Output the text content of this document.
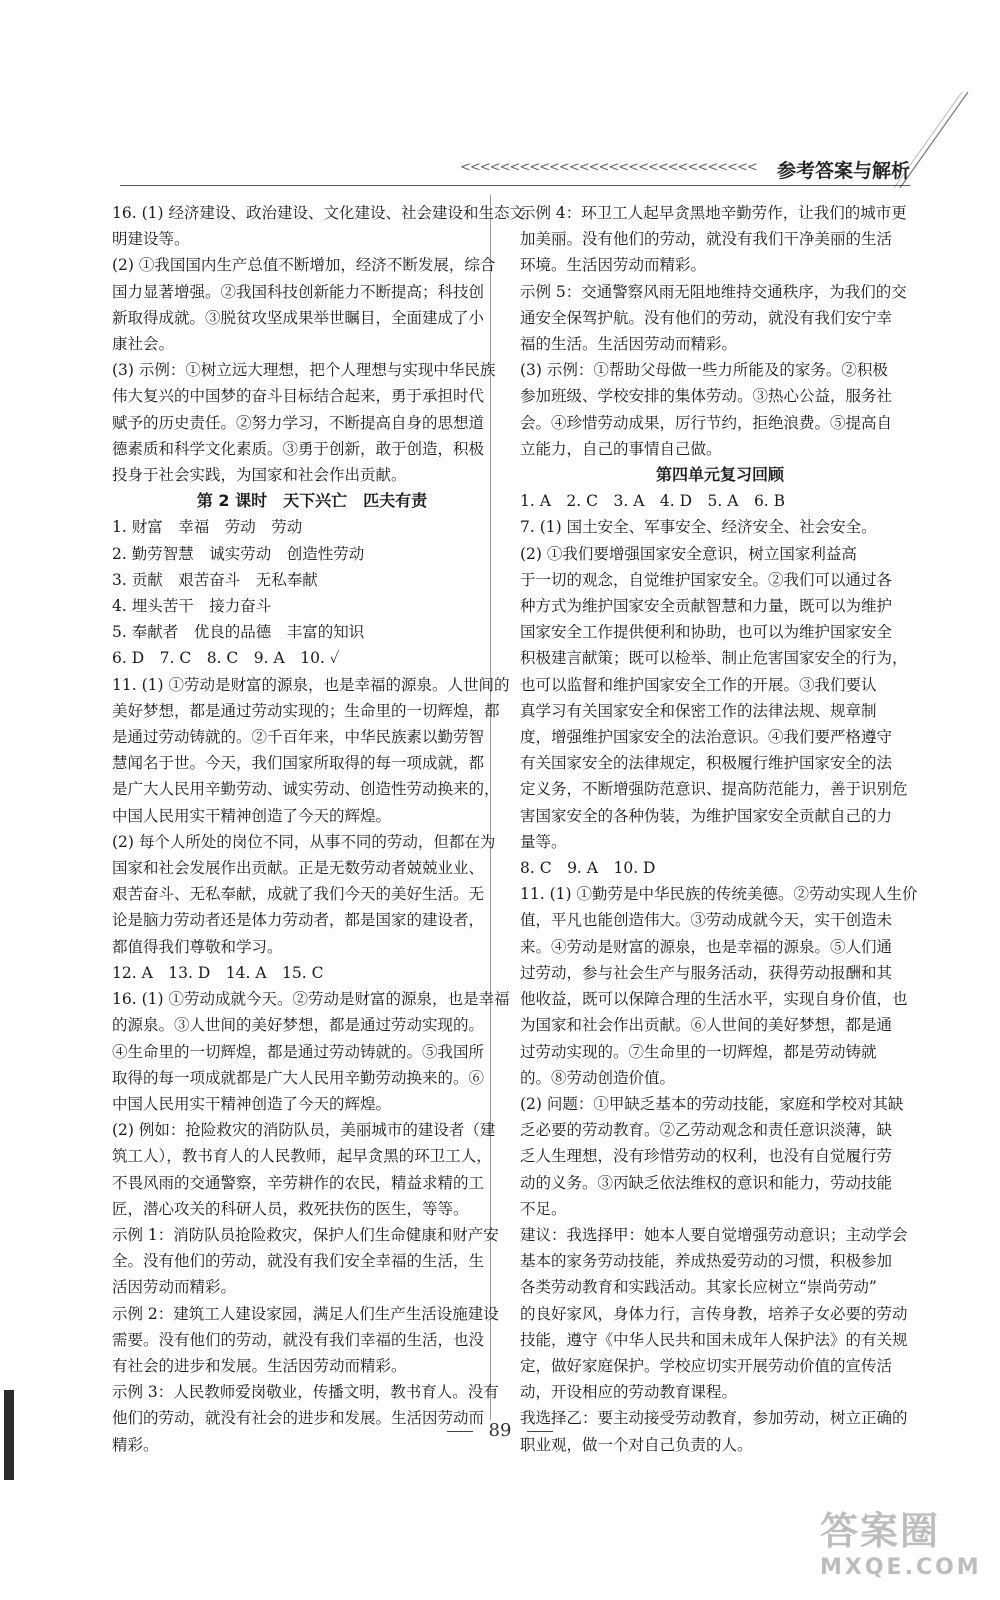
<<<<<<<<<<<<<<<<<<<<<<<<<<<<<< 参考答案与解析
16. (1) 经济建设、政治建设、文化建设、社会建设和生态文
明建设等。
(2) ①我国国内生产总值不断增加，经济不断发展，综合
国力显著增强。②我国科技创新能力不断提高；科技创
新取得成就。③脱贫攻坚成果举世瞩目，全面建成了小
康社会。
(3) 示例：①树立远大理想，把个人理想与实现中华民族
伟大复兴的中国梦的奋斗目标结合起来，勇于承担时代
赋予的历史责任。②努力学习，不断提高自身的思想道
德素质和科学文化素质。③勇于创新，敢于创造，积极
投身于社会实践，为国家和社会作出贡献。
第 2 课时　天下兴亡　匹夫有责
1. 财富　幸福　劳动　劳动
2. 勤劳智慧　诚实劳动　创造性劳动
3. 贡献　艰苦奋斗　无私奉献
4. 埋头苦干　接力奋斗
5. 奉献者　优良的品德　丰富的知识
6. D　7. C　8. C　9. A　10. ✓
11. (1) ①劳动是财富的源泉，也是幸福的源泉。人世间的
美好梦想，都是通过劳动实现的；生命里的一切辉煌，都
是通过劳动铸就的。②千百年来，中华民族素以勤劳智
慧闻名于世。今天，我们国家所取得的每一项成就，都
是广大人民用辛勤劳动、诚实劳动、创造性劳动换来的，
中国人民用实干精神创造了今天的辉煌。
(2) 每个人所处的岗位不同，从事不同的劳动，但都在为
国家和社会发展作出贡献。正是无数劳动者兢兢业业、
艰苦奋斗、无私奉献，成就了我们今天的美好生活。无
论是脑力劳动者还是体力劳动者，都是国家的建设者，
都值得我们尊敬和学习。
12. A　13. D　14. A　15. C
16. (1) ①劳动成就今天。②劳动是财富的源泉，也是幸福
的源泉。③人世间的美好梦想，都是通过劳动实现的。
④生命里的一切辉煌，都是通过劳动铸就的。⑤我国所
取得的每一项成就都是广大人民用辛勤劳动换来的。⑥
中国人民用实干精神创造了今天的辉煌。
(2) 例如：抢险救灾的消防队员，美丽城市的建设者（建
筑工人），教书育人的人民教师，起早贪黑的环卫工人，
不畏风雨的交通警察，辛劳耕作的农民，精益求精的工
匠，潜心攻关的科研人员，救死扶伤的医生，等等。
示例 1：消防队员抢险救灾，保护人们生命健康和财产安
全。没有他们的劳动，就没有我们安全幸福的生活，生
活因劳动而精彩。
示例 2：建筑工人建设家园，满足人们生产生活设施建设
需要。没有他们的劳动，就没有我们幸福的生活，也没
有社会的进步和发展。生活因劳动而精彩。
示例 3：人民教师爱岗敬业，传播文明，教书育人。没有
他们的劳动，就没有社会的进步和发展。生活因劳动而
精彩。
示例 4：环卫工人起早贪黑地辛勤劳作，让我们的城市更
加美丽。没有他们的劳动，就没有我们干净美丽的生活
环境。生活因劳动而精彩。
示例 5：交通警察风雨无阻地维持交通秩序，为我们的交
通安全保驾护航。没有他们的劳动，就没有我们安宁幸
福的生活。生活因劳动而精彩。
(3) 示例：①帮助父母做一些力所能及的家务。②积极
参加班级、学校安排的集体劳动。③热心公益，服务社
会。④珍惜劳动成果，厉行节约，拒绝浪费。⑤提高自
立能力，自己的事情自己做。
第四单元复习回顾
1. A　2. C　3. A　4. D　5. A　6. B
7. (1) 国土安全、军事安全、经济安全、社会安全。
(2) ①我们要增强国家安全意识，树立国家利益高
于一切的观念，自觉维护国家安全。②我们可以通过各
种方式为维护国家安全贡献智慧和力量，既可以为维护
国家安全工作提供便利和协助，也可以为维护国家安全
积极建言献策；既可以检举、制止危害国家安全的行为，
也可以监督和维护国家安全工作的开展。③我们要认
真学习有关国家安全和保密工作的法律法规、规章制
度，增强维护国家安全的法治意识。④我们要严格遵守
有关国家安全的法律规定，积极履行维护国家安全的法
定义务，不断增强防范意识、提高防范能力，善于识别危
害国家安全的各种伪装，为维护国家安全贡献自己的力
量等。
8. C　9. A　10. D
11. (1) ①勤劳是中华民族的传统美德。②劳动实现人生价
值，平凡也能创造伟大。③劳动成就今天，实干创造未
来。④劳动是财富的源泉，也是幸福的源泉。⑤人们通
过劳动，参与社会生产与服务活动，获得劳动报酬和其
他收益，既可以保障合理的生活水平，实现自身价值，也
为国家和社会作出贡献。⑥人世间的美好梦想，都是通
过劳动实现的。⑦生命里的一切辉煌，都是劳动铸就
的。⑧劳动创造价值。
(2) 问题：①甲缺乏基本的劳动技能，家庭和学校对其缺
乏必要的劳动教育。②乙劳动观念和责任意识淡薄，缺
乏人生理想，没有珍惜劳动的权利，也没有自觉履行劳
动的义务。③丙缺乏依法维权的意识和能力，劳动技能
不足。
建议：我选择甲：她本人要自觉增强劳动意识；主动学会
基本的家务劳动技能，养成热爱劳动的习惯，积极参加
各类劳动教育和实践活动。其家长应树立“崇尚劳动”
的良好家风，身体力行，言传身教，培养子女必要的劳动
技能，遵守《中华人民共和国未成年人保护法》的有关规
定，做好家庭保护。学校应切实开展劳动价值的宣传活
动，开设相应的劳动教育课程。
我选择乙：要主动接受劳动教育，参加劳动，树立正确的
职业观，做一个对自己负责的人。
89
答案圈
MXQE.COM
